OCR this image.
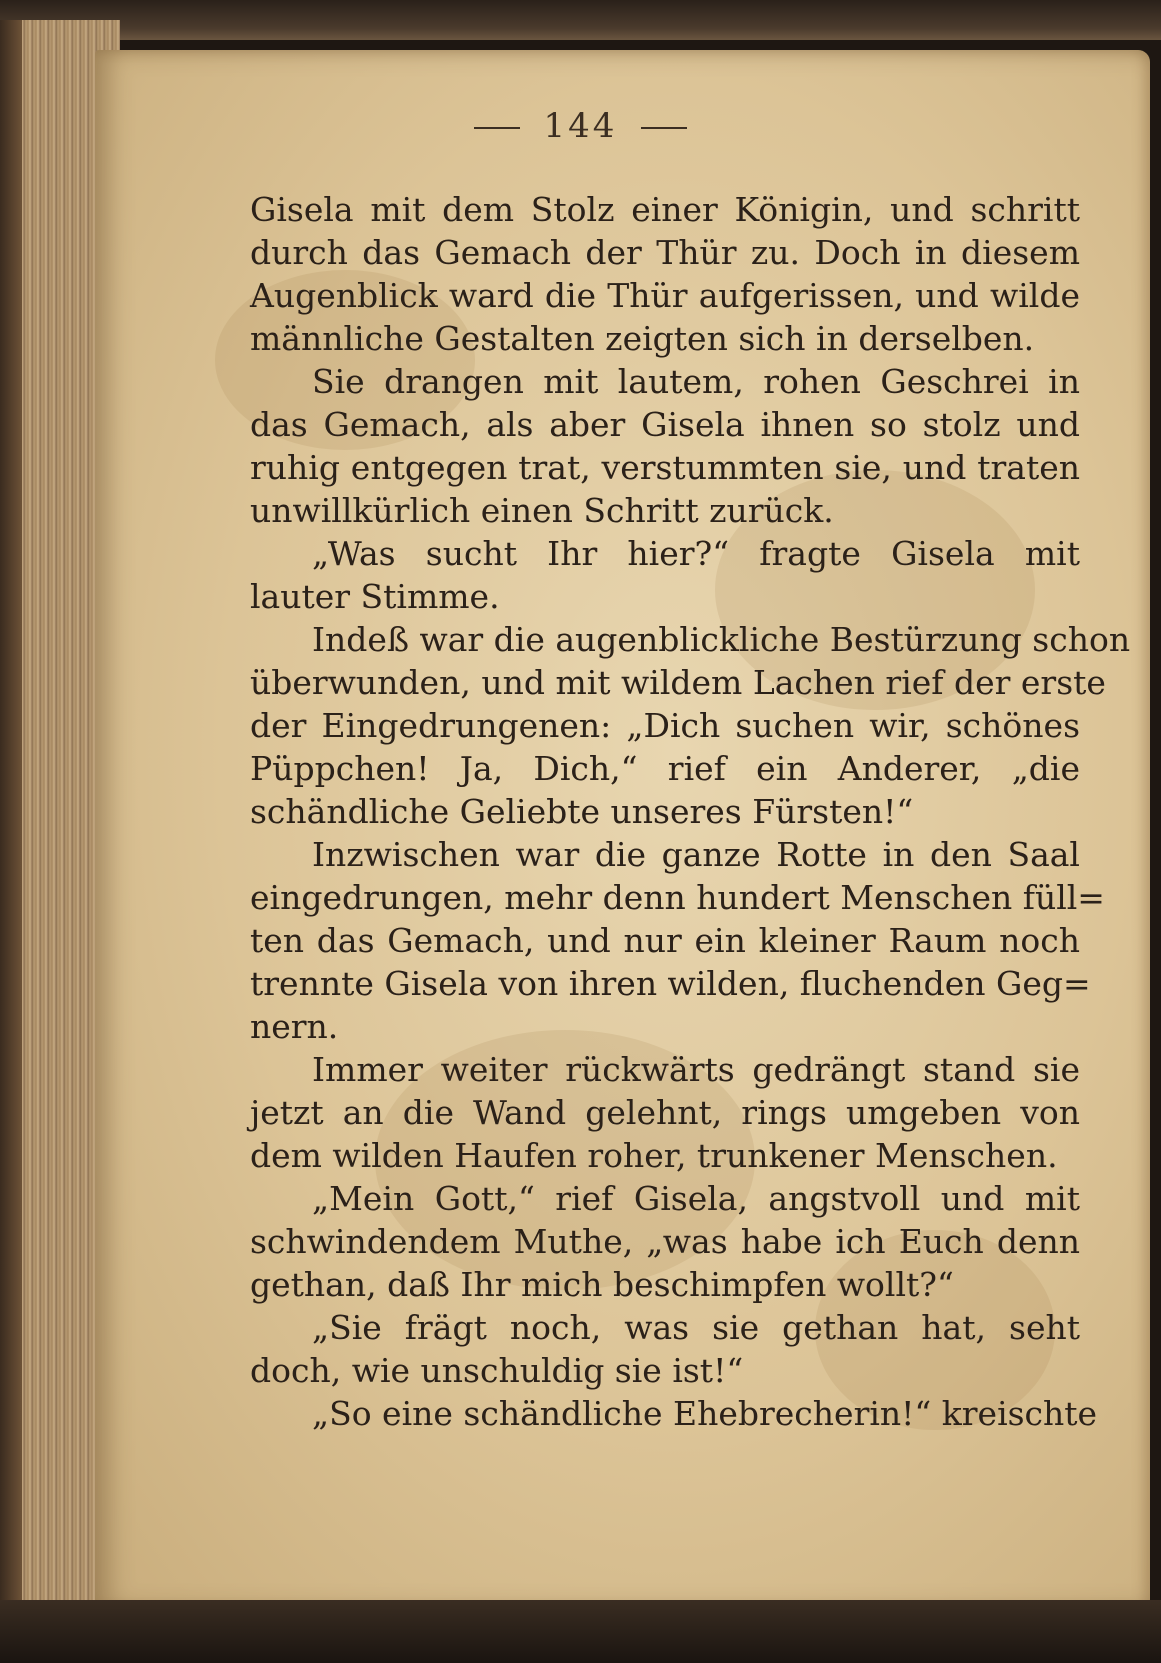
144
Gisela mit dem Stolz einer Königin, und schritt
durch das Gemach der Thür zu. Doch in diesem
Augenblick ward die Thür aufgerissen, und wilde
männliche Gestalten zeigten sich in derselben.
Sie drangen mit lautem, rohen Geschrei in
das Gemach, als aber Gisela ihnen so stolz und
ruhig entgegen trat, verstummten sie, und traten
unwillkürlich einen Schritt zurück.
„Was sucht Ihr hier?“ fragte Gisela mit
lauter Stimme.
Indeß war die augenblickliche Bestürzung schon
überwunden, und mit wildem Lachen rief der erste
der Eingedrungenen: „Dich suchen wir, schönes
Püppchen! Ja, Dich,“ rief ein Anderer, „die
schändliche Geliebte unseres Fürsten!“
Inzwischen war die ganze Rotte in den Saal
eingedrungen, mehr denn hundert Menschen füll=
ten das Gemach, und nur ein kleiner Raum noch
trennte Gisela von ihren wilden, fluchenden Geg=
nern.
Immer weiter rückwärts gedrängt stand sie
jetzt an die Wand gelehnt, rings umgeben von
dem wilden Haufen roher, trunkener Menschen.
„Mein Gott,“ rief Gisela, angstvoll und mit
schwindendem Muthe, „was habe ich Euch denn
gethan, daß Ihr mich beschimpfen wollt?“
„Sie frägt noch, was sie gethan hat, seht
doch, wie unschuldig sie ist!“
„So eine schändliche Ehebrecherin!“ kreischte
